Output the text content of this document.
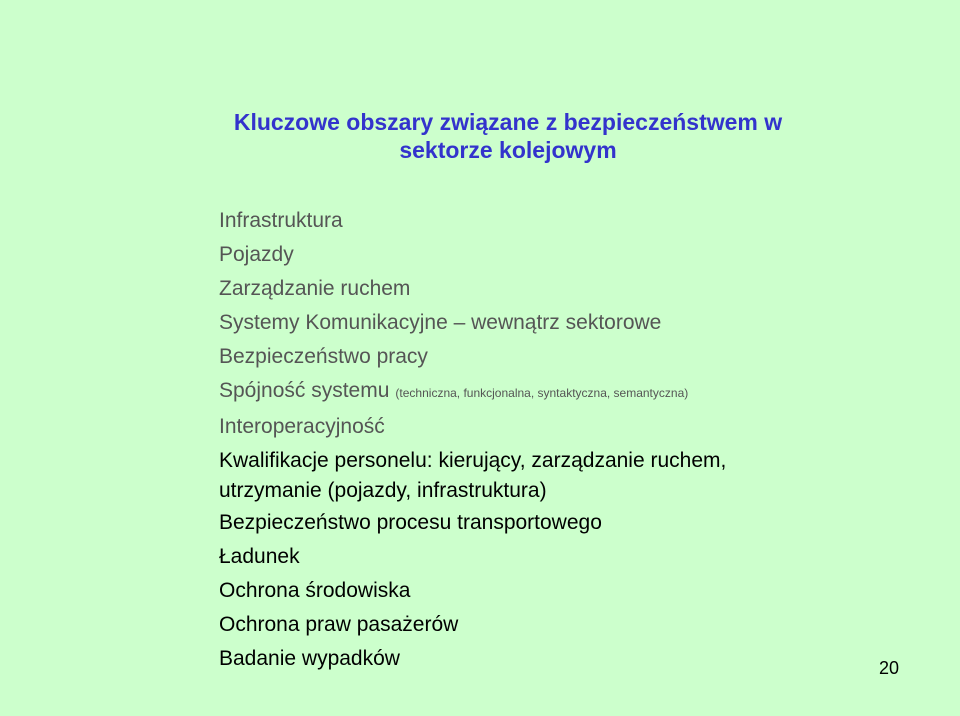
Kluczowe obszary związane z bezpieczeństwem w
sektorze kolejowym
Infrastruktura
Pojazdy
Zarządzanie ruchem
Systemy Komunikacyjne – wewnątrz sektorowe
Bezpieczeństwo pracy
Spójność systemu (techniczna, funkcjonalna, syntaktyczna, semantyczna)
Interoperacyjność
Kwalifikacje personelu: kierujący, zarządzanie ruchem,
utrzymanie (pojazdy, infrastruktura)
Bezpieczeństwo procesu transportowego
Ładunek
Ochrona środowiska
Ochrona praw pasażerów
Badanie wypadków	20
